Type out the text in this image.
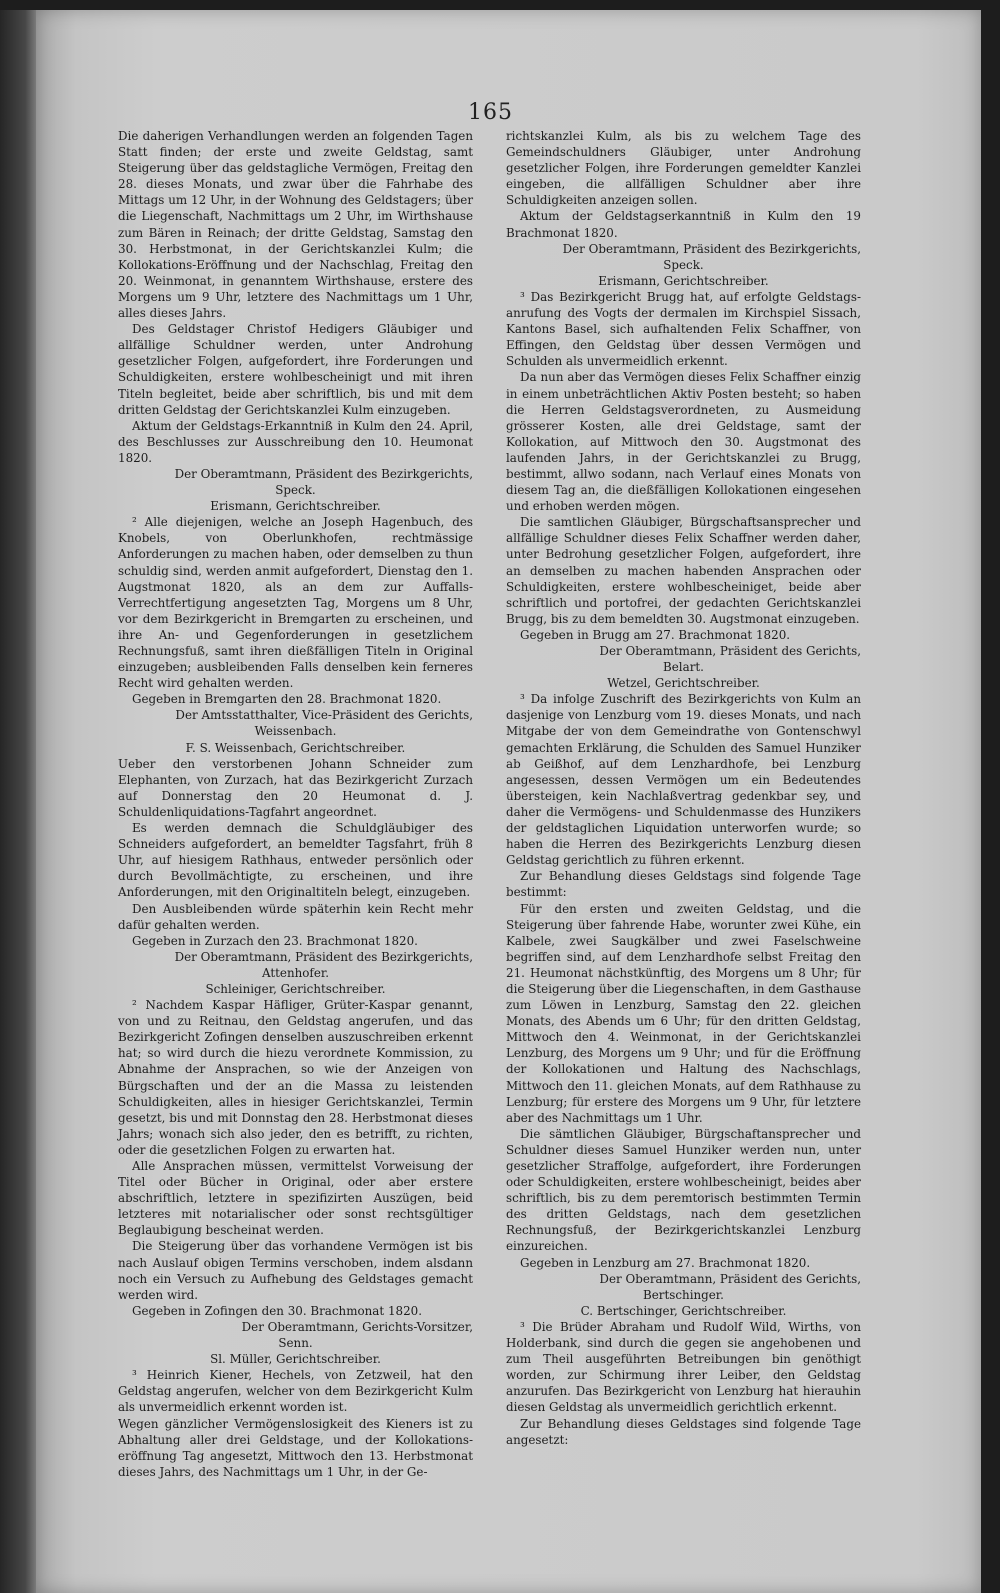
165

Die daherigen Verhandlungen werden an folgenden Tagen Statt finden; der erste und zweite Geldstag, samt Steigerung über das geldstagliche Vermögen, Freitag den 28. dieses Monats, und zwar über die Fahrhabe des Mittags um 12 Uhr, in der Wohnung des Geldstagers; über die Liegenschaft, Nachmittags um 2 Uhr, im Wirthshause zum Bären in Reinach; der dritte Geldstag, Samstag den 30. Herbstmonat, in der Gerichtskanzlei Kulm; die Kollokations-Eröffnung und der Nachschlag, Freitag den 20. Weinmonat, in genanntem Wirthshause, erstere des Morgens um 9 Uhr, letztere des Nachmittags um 1 Uhr, alles dieses Jahrs.

Des Geldstager Christof Hedigers Gläubiger und allfällige Schuldner werden, unter Androhung gesetzlicher Folgen, aufgefordert, ihre Forderungen und Schuldigkeiten, erstere wohlbescheinigt und mit ihren Titeln begleitet, beide aber schriftlich, bis und mit dem dritten Geldstag der Gerichtskanzlei Kulm einzugeben.

Aktum der Geldstags-Erkanntniß in Kulm den 24. April, des Beschlusses zur Ausschreibung den 10. Heumonat 1820.

Der Oberamtmann, Präsident des Bezirkgerichts,

Speck.

Erismann, Gerichtschreiber.

² Alle diejenigen, welche an Joseph Hagenbuch, des Knobels, von Oberlunkhofen, rechtmässige Anforderungen zu machen haben, oder demselben zu thun schuldig sind, werden anmit aufgefordert, Dienstag den 1. Augstmonat 1820, als an dem zur Auffalls-Verrechtfertigung angesetzten Tag, Morgens um 8 Uhr, vor dem Bezirkgericht in Bremgarten zu erscheinen, und ihre An- und Gegenforderungen in gesetzlichem Rechnungsfuß, samt ihren dießfälligen Titeln in Original einzugeben; ausbleibenden Falls denselben kein ferneres Recht wird gehalten werden.

Gegeben in Bremgarten den 28. Brachmonat 1820.

Der Amtsstatthalter, Vice-Präsident des Gerichts,

Weissenbach.

F. S. Weissenbach, Gerichtschreiber.

Ueber den verstorbenen Johann Schneider zum Elephanten, von Zurzach, hat das Bezirkgericht Zurzach auf Donnerstag den 20 Heumonat d. J. Schuldenliquidations-Tagfahrt angeordnet.

Es werden demnach die Schuldgläubiger des Schneiders aufgefordert, an bemeldter Tagsfahrt, früh 8 Uhr, auf hiesigem Rathhaus, entweder persönlich oder durch Bevollmächtigte, zu erscheinen, und ihre Anforderungen, mit den Originaltiteln belegt, einzugeben.

Den Ausbleibenden würde späterhin kein Recht mehr dafür gehalten werden.

Gegeben in Zurzach den 23. Brachmonat 1820.

Der Oberamtmann, Präsident des Bezirkgerichts,

Attenhofer.

Schleiniger, Gerichtschreiber.

² Nachdem Kaspar Häfliger, Grüter-Kaspar genannt, von und zu Reitnau, den Geldstag angerufen, und das Bezirkgericht Zofingen denselben auszuschreiben erkennt hat; so wird durch die hiezu verordnete Kommission, zu Abnahme der Ansprachen, so wie der Anzeigen von Bürgschaften und der an die Massa zu leistenden Schuldigkeiten, alles in hiesiger Gerichtskanzlei, Termin gesetzt, bis und mit Donnstag den 28. Herbstmonat dieses Jahrs; wonach sich also jeder, den es betrifft, zu richten, oder die gesetzlichen Folgen zu erwarten hat.

Alle Ansprachen müssen, vermittelst Vorweisung der Titel oder Bücher in Original, oder aber erstere abschriftlich, letztere in spezifizirten Auszügen, beid letzteres mit notarialischer oder sonst rechtsgültiger Beglaubigung bescheinat werden.

Die Steigerung über das vorhandene Vermögen ist bis nach Auslauf obigen Termins verschoben, indem alsdann noch ein Versuch zu Aufhebung des Geldstages gemacht werden wird.

Gegeben in Zofingen den 30. Brachmonat 1820.

Der Oberamtmann, Gerichts-Vorsitzer,

Senn.

Sl. Müller, Gerichtschreiber.

³ Heinrich Kiener, Hechels, von Zetzweil, hat den Geldstag angerufen, welcher von dem Bezirkgericht Kulm als unvermeidlich erkennt worden ist.

Wegen gänzlicher Vermögenslosigkeit des Kieners ist zu Abhaltung aller drei Geldstage, und der Kollokations-eröffnung Tag angesetzt, Mittwoch den 13. Herbstmonat dieses Jahrs, des Nachmittags um 1 Uhr, in der Ge-

richtskanzlei Kulm, als bis zu welchem Tage des Gemeindschuldners Gläubiger, unter Androhung gesetzlicher Folgen, ihre Forderungen gemeldter Kanzlei eingeben, die allfälligen Schuldner aber ihre Schuldigkeiten anzeigen sollen.

Aktum der Geldstagserkanntniß in Kulm den 19 Brachmonat 1820.

Der Oberamtmann, Präsident des Bezirkgerichts,

Speck.

Erismann, Gerichtschreiber.

³ Das Bezirkgericht Brugg hat, auf erfolgte Geldstags-anrufung des Vogts der dermalen im Kirchspiel Sissach, Kantons Basel, sich aufhaltenden Felix Schaffner, von Effingen, den Geldstag über dessen Vermögen und Schulden als unvermeidlich erkennt.

Da nun aber das Vermögen dieses Felix Schaffner einzig in einem unbeträchtlichen Aktiv Posten besteht; so haben die Herren Geldstagsverordneten, zu Ausmeidung grösserer Kosten, alle drei Geldstage, samt der Kollokation, auf Mittwoch den 30. Augstmonat des laufenden Jahrs, in der Gerichtskanzlei zu Brugg, bestimmt, allwo sodann, nach Verlauf eines Monats von diesem Tag an, die dießfälligen Kollokationen eingesehen und erhoben werden mögen.

Die samtlichen Gläubiger, Bürgschaftsansprecher und allfällige Schuldner dieses Felix Schaffner werden daher, unter Bedrohung gesetzlicher Folgen, aufgefordert, ihre an demselben zu machen habenden Ansprachen oder Schuldigkeiten, erstere wohlbescheiniget, beide aber schriftlich und portofrei, der gedachten Gerichtskanzlei Brugg, bis zu dem bemeldten 30. Augstmonat einzugeben.

Gegeben in Brugg am 27. Brachmonat 1820.

Der Oberamtmann, Präsident des Gerichts,

Belart.

Wetzel, Gerichtschreiber.

³ Da infolge Zuschrift des Bezirkgerichts von Kulm an dasjenige von Lenzburg vom 19. dieses Monats, und nach Mitgabe der von dem Gemeindrathe von Gontenschwyl gemachten Erklärung, die Schulden des Samuel Hunziker ab Geißhof, auf dem Lenzhardhofe, bei Lenzburg angesessen, dessen Vermögen um ein Bedeutendes übersteigen, kein Nachlaßvertrag gedenkbar sey, und daher die Vermögens- und Schuldenmasse des Hunzikers der geldstaglichen Liquidation unterworfen wurde; so haben die Herren des Bezirkgerichts Lenzburg diesen Geldstag gerichtlich zu führen erkennt.

Zur Behandlung dieses Geldstags sind folgende Tage bestimmt:

Für den ersten und zweiten Geldstag, und die Steigerung über fahrende Habe, worunter zwei Kühe, ein Kalbele, zwei Saugkälber und zwei Faselschweine begriffen sind, auf dem Lenzhardhofe selbst Freitag den 21. Heumonat nächstkünftig, des Morgens um 8 Uhr; für die Steigerung über die Liegenschaften, in dem Gasthause zum Löwen in Lenzburg, Samstag den 22. gleichen Monats, des Abends um 6 Uhr; für den dritten Geldstag, Mittwoch den 4. Weinmonat, in der Gerichtskanzlei Lenzburg, des Morgens um 9 Uhr; und für die Eröffnung der Kollokationen und Haltung des Nachschlags, Mittwoch den 11. gleichen Monats, auf dem Rathhause zu Lenzburg; für erstere des Morgens um 9 Uhr, für letztere aber des Nachmittags um 1 Uhr.

Die sämtlichen Gläubiger, Bürgschaftansprecher und Schuldner dieses Samuel Hunziker werden nun, unter gesetzlicher Straffolge, aufgefordert, ihre Forderungen oder Schuldigkeiten, erstere wohlbescheinigt, beides aber schriftlich, bis zu dem peremtorisch bestimmten Termin des dritten Geldstags, nach dem gesetzlichen Rechnungsfuß, der Bezirkgerichtskanzlei Lenzburg einzureichen.

Gegeben in Lenzburg am 27. Brachmonat 1820.

Der Oberamtmann, Präsident des Gerichts,

Bertschinger.

C. Bertschinger, Gerichtschreiber.

³ Die Brüder Abraham und Rudolf Wild, Wirths, von Holderbank, sind durch die gegen sie angehobenen und zum Theil ausgeführten Betreibungen bin genöthigt worden, zur Schirmung ihrer Leiber, den Geldstag anzurufen. Das Bezirkgericht von Lenzburg hat hierauhin diesen Geldstag als unvermeidlich gerichtlich erkennt.

Zur Behandlung dieses Geldstages sind folgende Tage angesetzt:
